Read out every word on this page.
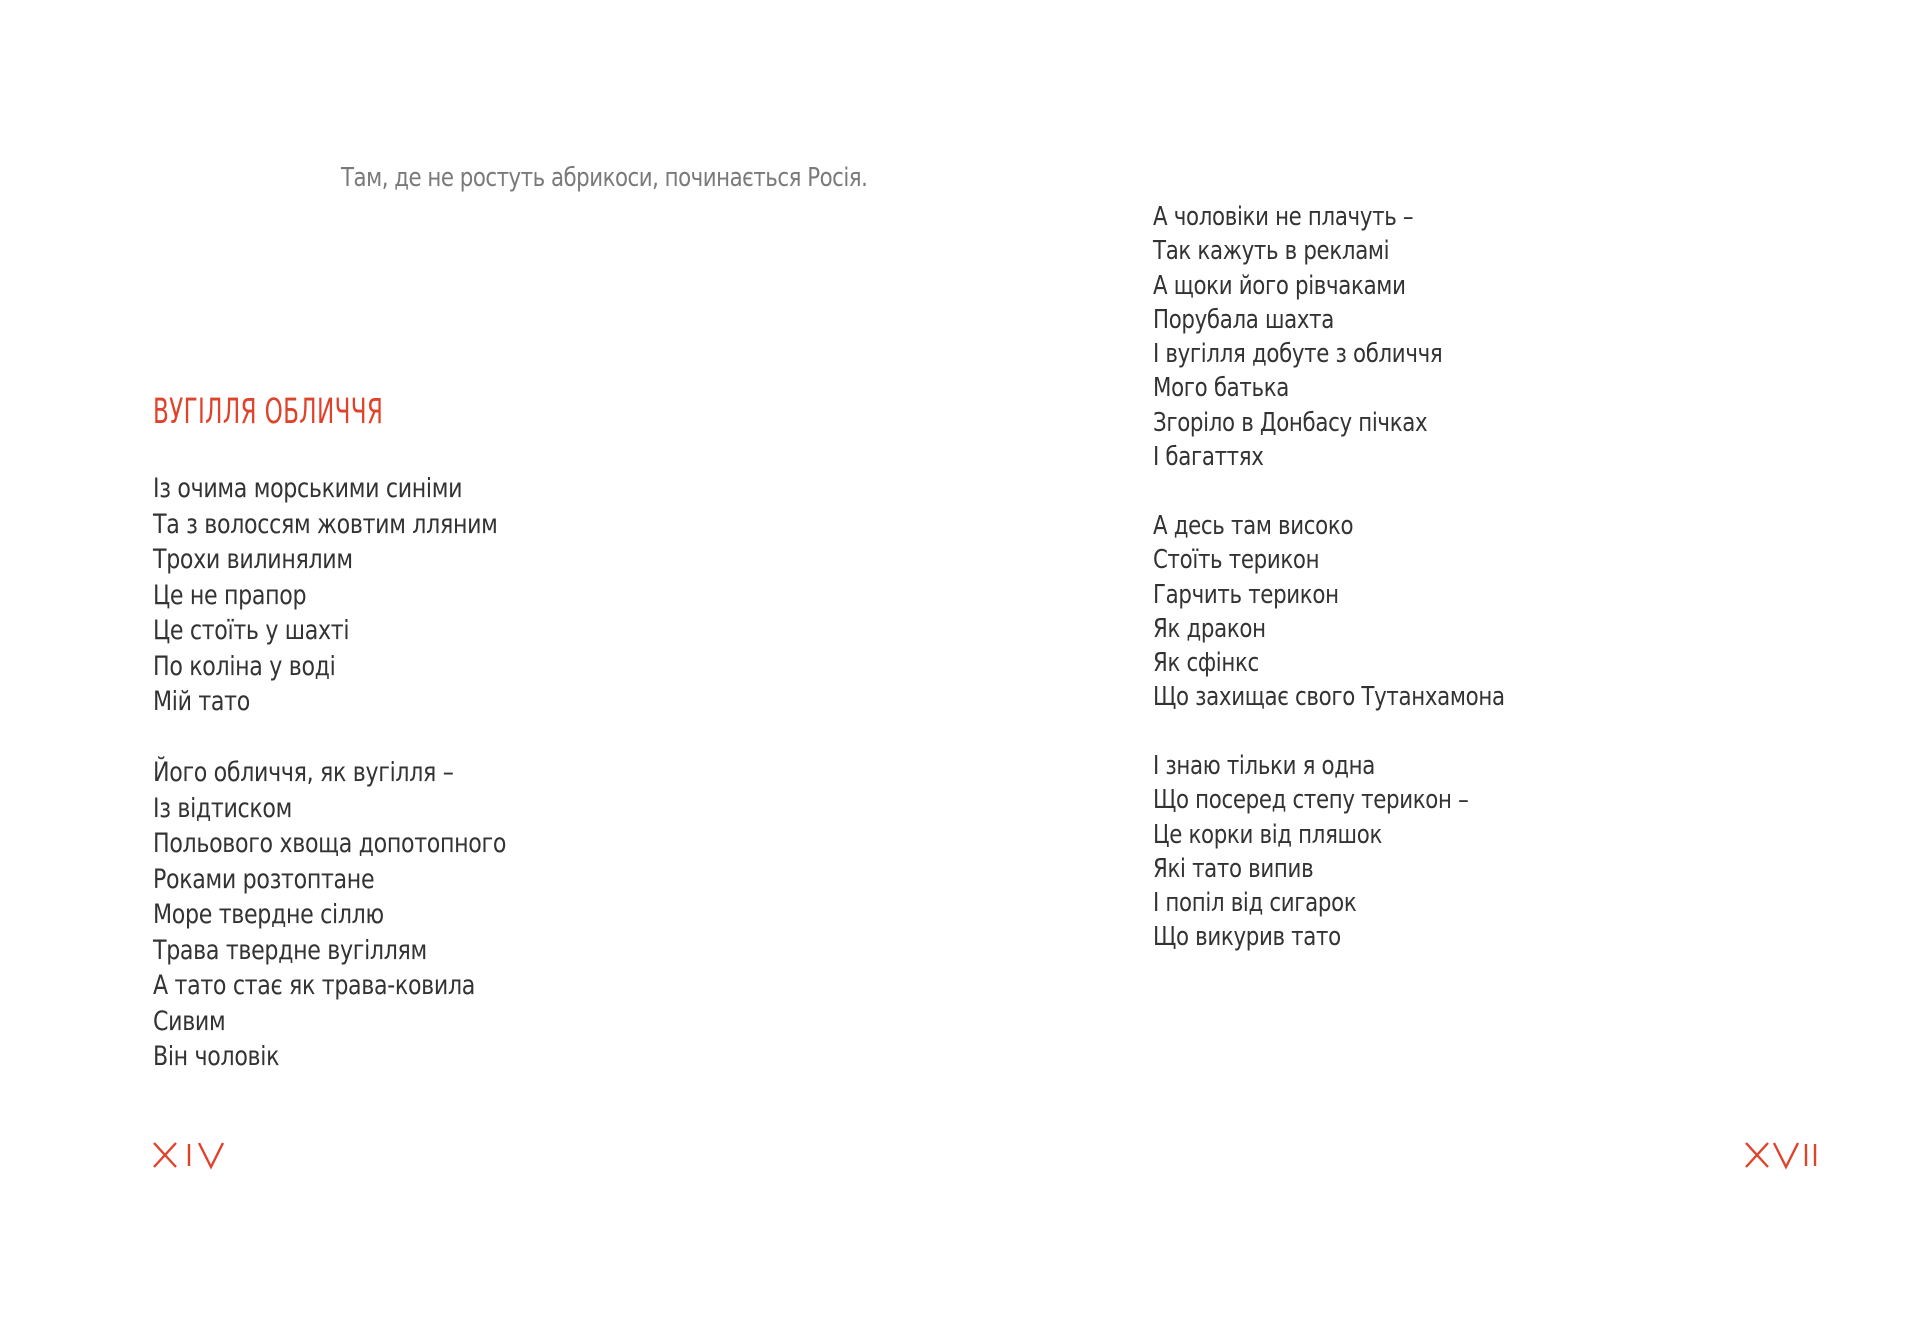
Там, де не ростуть абрикоси, починається Росія.
ВУГІЛЛЯ ОБЛИЧЧЯ
Із очима морськими синіми
Та з волоссям жовтим лляним
Трохи вилинялим
Це не прапор
Це стоїть у шахті
По коліна у воді
Мій тато
Його обличчя, як вугілля –
Із відтиском
Польового хвоща допотопного
Роками розтоптане
Море твердне сіллю
Трава твердне вугіллям
А тато стає як трава-ковила
Сивим
Він чоловік
А чоловіки не плачуть –
Так кажуть в рекламі
А щоки його рівчаками
Порубала шахта
І вугілля добуте з обличчя
Мого батька
Згоріло в Донбасу пічках
І багаттях
А десь там високо
Стоїть терикон
Гарчить терикон
Як дракон
Як сфінкс
Що захищає свого Тутанхамона
І знаю тільки я одна
Що посеред степу терикон –
Це корки від пляшок
Які тато випив
І попіл від сигарок
Що викурив тато
